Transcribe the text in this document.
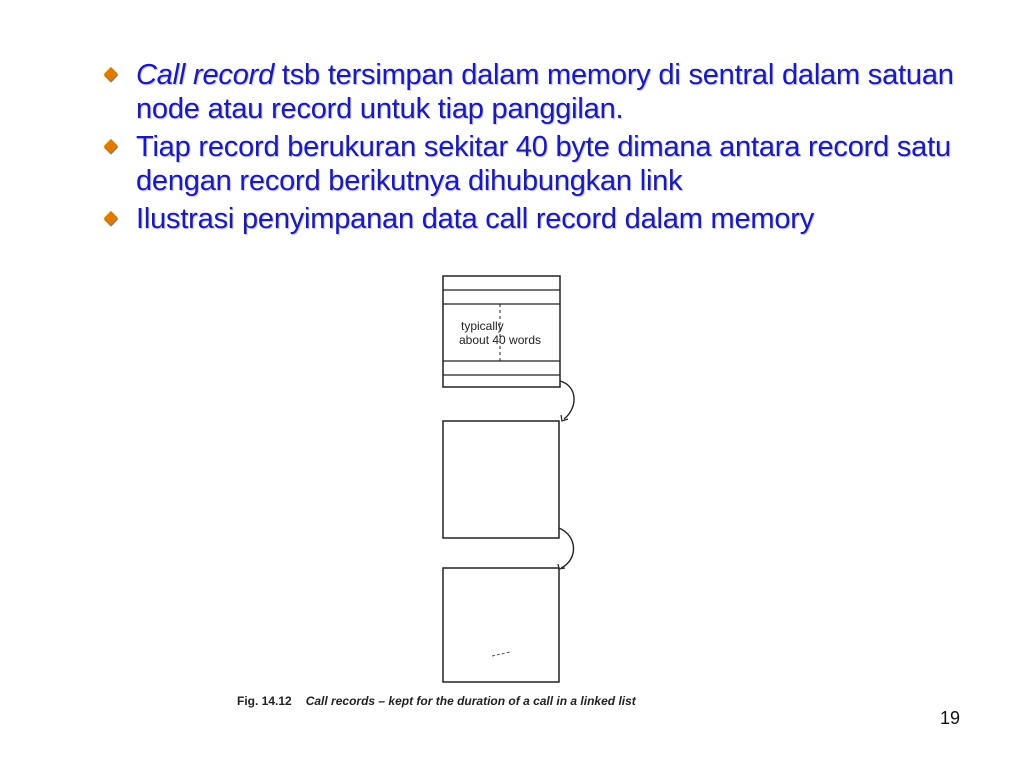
Call record tsb tersimpan dalam memory di sentral dalam satuan node atau record untuk tiap panggilan.
Tiap record berukuran sekitar 40 byte dimana antara record satu dengan record berikutnya dihubungkan link
Ilustrasi penyimpanan data call record dalam memory
typically
about 40 words
Fig. 14.12 Call records – kept for the duration of a call in a linked list
19
